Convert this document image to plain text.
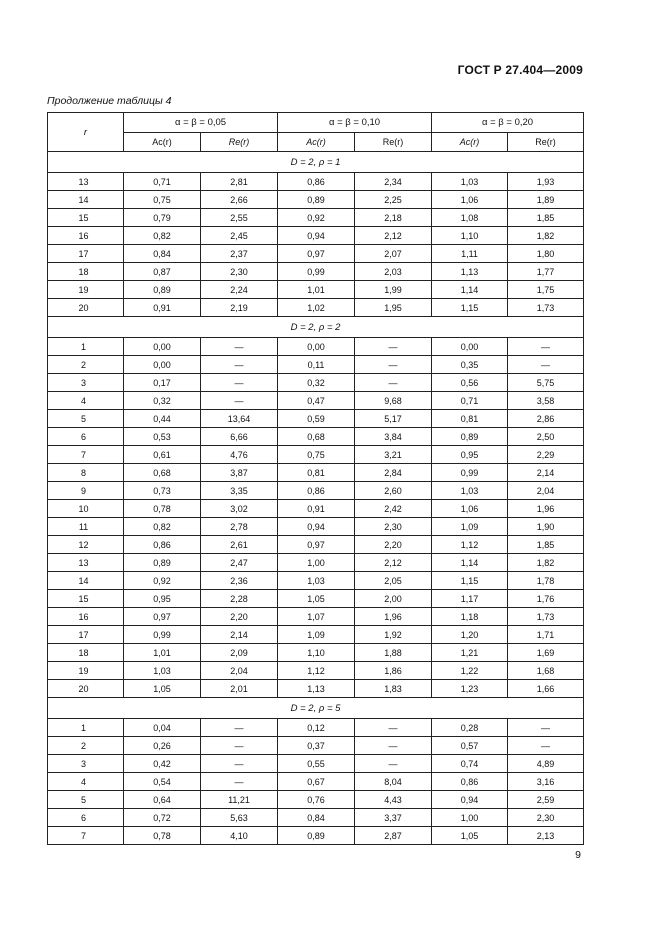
ГОСТ Р 27.404—2009
Продолжение таблицы 4
r	α = β = 0,05		α = β = 0,10		α = β = 0,20	
	Ac(r)	Re(r)	Ac(r)	Re(r)	Ac(r)	Re(r)
D = 2, ρ = 1						
13	0,71	2,81	0,86	2,34	1,03	1,93
14	0,75	2,66	0,89	2,25	1,06	1,89
15	0,79	2,55	0,92	2,18	1,08	1,85
16	0,82	2,45	0,94	2,12	1,10	1,82
17	0,84	2,37	0,97	2,07	1,11	1,80
18	0,87	2,30	0,99	2,03	1,13	1,77
19	0,89	2,24	1,01	1,99	1,14	1,75
20	0,91	2,19	1,02	1,95	1,15	1,73
D = 2, ρ = 2						
1	0,00	—	0,00	—	0,00	—
2	0,00	—	0,11	—	0,35	—
3	0,17	—	0,32	—	0,56	5,75
4	0,32	—	0,47	9,68	0,71	3,58
5	0,44	13,64	0,59	5,17	0,81	2,86
6	0,53	6,66	0,68	3,84	0,89	2,50
7	0,61	4,76	0,75	3,21	0,95	2,29
8	0,68	3,87	0,81	2,84	0,99	2,14
9	0,73	3,35	0,86	2,60	1,03	2,04
10	0,78	3,02	0,91	2,42	1,06	1,96
11	0,82	2,78	0,94	2,30	1,09	1,90
12	0,86	2,61	0,97	2,20	1,12	1,85
13	0,89	2,47	1,00	2,12	1,14	1,82
14	0,92	2,36	1,03	2,05	1,15	1,78
15	0,95	2,28	1,05	2,00	1,17	1,76
16	0,97	2,20	1,07	1,96	1,18	1,73
17	0,99	2,14	1,09	1,92	1,20	1,71
18	1,01	2,09	1,10	1,88	1,21	1,69
19	1,03	2,04	1,12	1,86	1,22	1,68
20	1,05	2,01	1,13	1,83	1,23	1,66
D = 2, ρ = 5						
1	0,04	—	0,12	—	0,28	—
2	0,26	—	0,37	—	0,57	—
3	0,42	—	0,55	—	0,74	4,89
4	0,54	—	0,67	8,04	0,86	3,16
5	0,64	11,21	0,76	4,43	0,94	2,59
6	0,72	5,63	0,84	3,37	1,00	2,30
7	0,78	4,10	0,89	2,87	1,05	2,13
9
